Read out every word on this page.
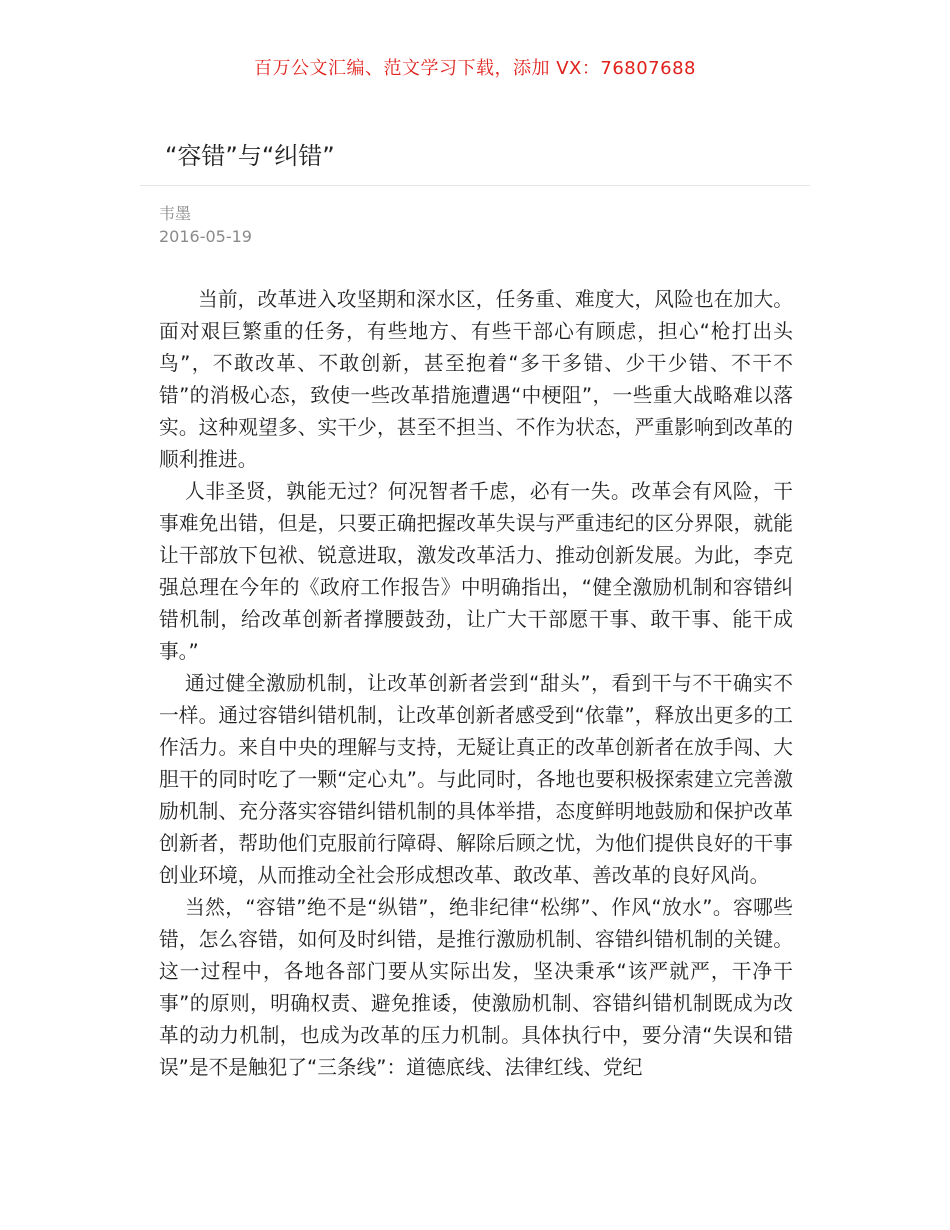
百万公文汇编、范文学习下载，添加 VX：76807688
“容错”与“纠错”
韦墨
2016-05-19

当前，改革进入攻坚期和深水区，任务重、难度大，风险也在加大。面对艰巨繁重的任务，有些地方、有些干部心有顾虑，担心“枪打出头鸟”，不敢改革、不敢创新，甚至抱着“多干多错、少干少错、不干不错”的消极心态，致使一些改革措施遭遇“中梗阻”，一些重大战略难以落实。这种观望多、实干少，甚至不担当、不作为状态，严重影响到改革的顺利推进。

人非圣贤，孰能无过？何况智者千虑，必有一失。改革会有风险，干事难免出错，但是，只要正确把握改革失误与严重违纪的区分界限，就能让干部放下包袱、锐意进取，激发改革活力、推动创新发展。为此，李克强总理在今年的《政府工作报告》中明确指出，“健全激励机制和容错纠错机制，给改革创新者撑腰鼓劲，让广大干部愿干事、敢干事、能干成事。”

通过健全激励机制，让改革创新者尝到“甜头”，看到干与不干确实不一样。通过容错纠错机制，让改革创新者感受到“依靠”，释放出更多的工作活力。来自中央的理解与支持，无疑让真正的改革创新者在放手闯、大胆干的同时吃了一颗“定心丸”。与此同时，各地也要积极探索建立完善激励机制、充分落实容错纠错机制的具体举措，态度鲜明地鼓励和保护改革创新者，帮助他们克服前行障碍、解除后顾之忧，为他们提供良好的干事创业环境，从而推动全社会形成想改革、敢改革、善改革的良好风尚。

当然，“容错”绝不是“纵错”，绝非纪律“松绑”、作风“放水”。容哪些错，怎么容错，如何及时纠错，是推行激励机制、容错纠错机制的关键。这一过程中，各地各部门要从实际出发，坚决秉承“该严就严，干净干事”的原则，明确权责、避免推诿，使激励机制、容错纠错机制既成为改革的动力机制，也成为改革的压力机制。具体执行中，要分清“失误和错误”是不是触犯了“三条线”：道德底线、法律红线、党纪
